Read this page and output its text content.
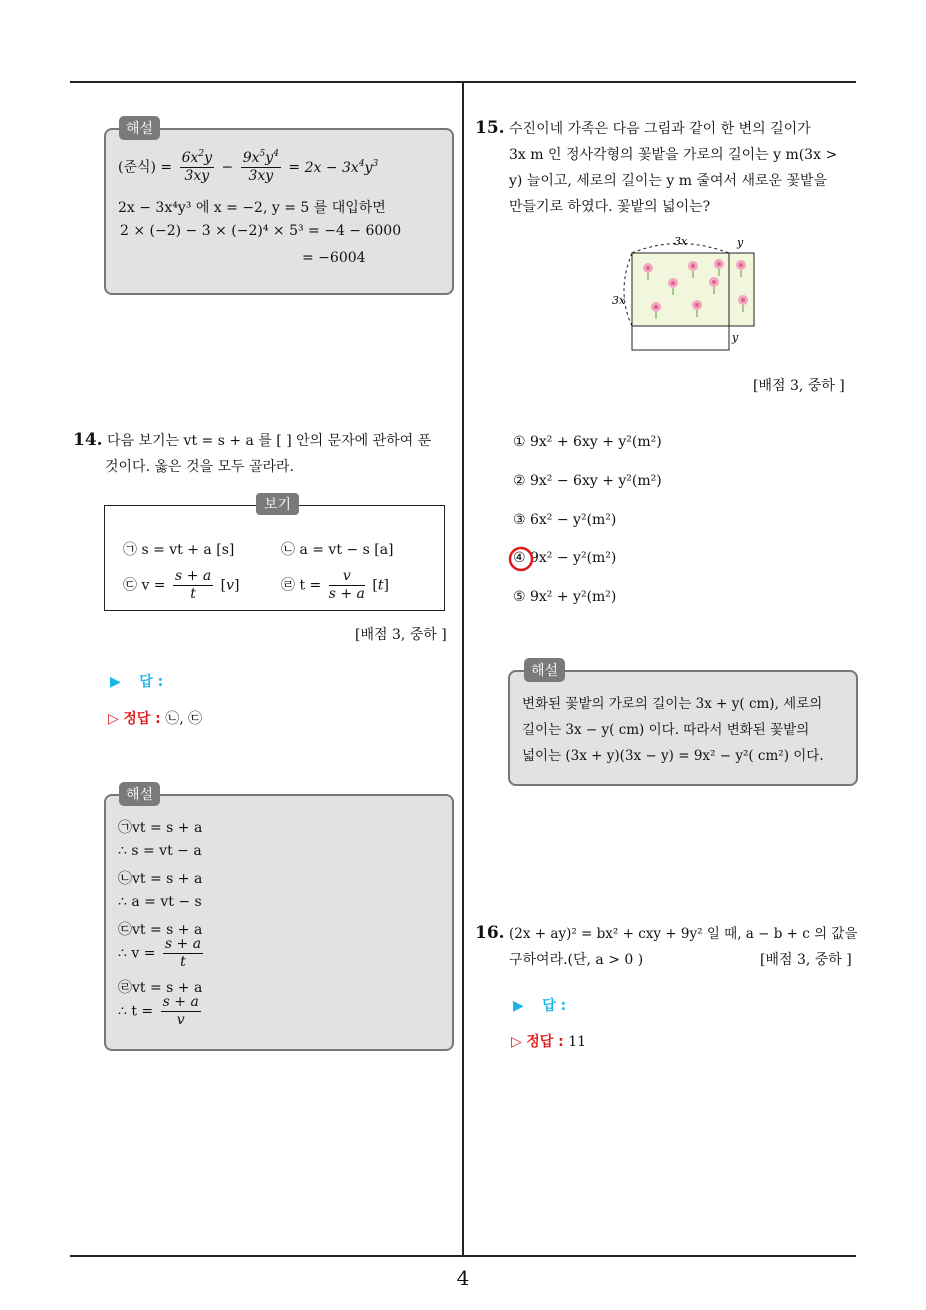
해설
(준식) = $\frac{6x^2y}{3xy} - \frac{9x^5y^4}{3xy} = 2x - 3x^4y^3$
2x − 3x⁴y³ 에 x = −2, y = 5 를 대입하면
2 × (−2) − 3 × (−2)⁴ × 5³ = −4 − 6000
= −6004
14. 다음 보기는 vt = s + a 를 [ ] 안의 문자에 관하여 푼
것이다. 옳은 것을 모두 골라라.
보기
㉠ s = vt + a [s]	㉡ a = vt − s [a]
㉢ $v = \frac{s + a}{t} [v]$	㉣ $t = \frac{v}{s + a} [t]$
[배점 3, 중하 ]
▶ 답 :
▷ 정답 : ㉡, ㉢
해설
㉠vt = s + a
∴ s = vt − a
㉡vt = s + a
∴ a = vt − s
㉢vt = s + a
∴ $v = \frac{s + a}{t}$
㉣vt = s + a
∴ $t = \frac{s + a}{v}$
15. 수진이네 가족은 다음 그림과 같이 한 변의 길이가
3x m 인 정사각형의 꽃밭을 가로의 길이는 y m(3x >
y) 늘이고, 세로의 길이는 y m 줄여서 새로운 꽃밭을
만들기로 하였다. 꽃밭의 넓이는?
3x	y
3x
y
[배점 3, 중하 ]
① 9x² + 6xy + y²(m²)
② 9x² − 6xy + y²(m²)
③ 6x² − y²(m²)
④ 9x² − y²(m²)
⑤ 9x² + y²(m²)
해설
변화된 꽃밭의 가로의 길이는 3x + y( cm), 세로의
길이는 3x − y( cm) 이다. 따라서 변화된 꽃밭의
넓이는 (3x + y)(3x − y) = 9x² − y²( cm²) 이다.
16. (2x + ay)² = bx² + cxy + 9y² 일 때, a − b + c 의 값을
구하여라.(단, a > 0 )	[배점 3, 중하 ]
▶ 답 :
▷ 정답 : 11
4
